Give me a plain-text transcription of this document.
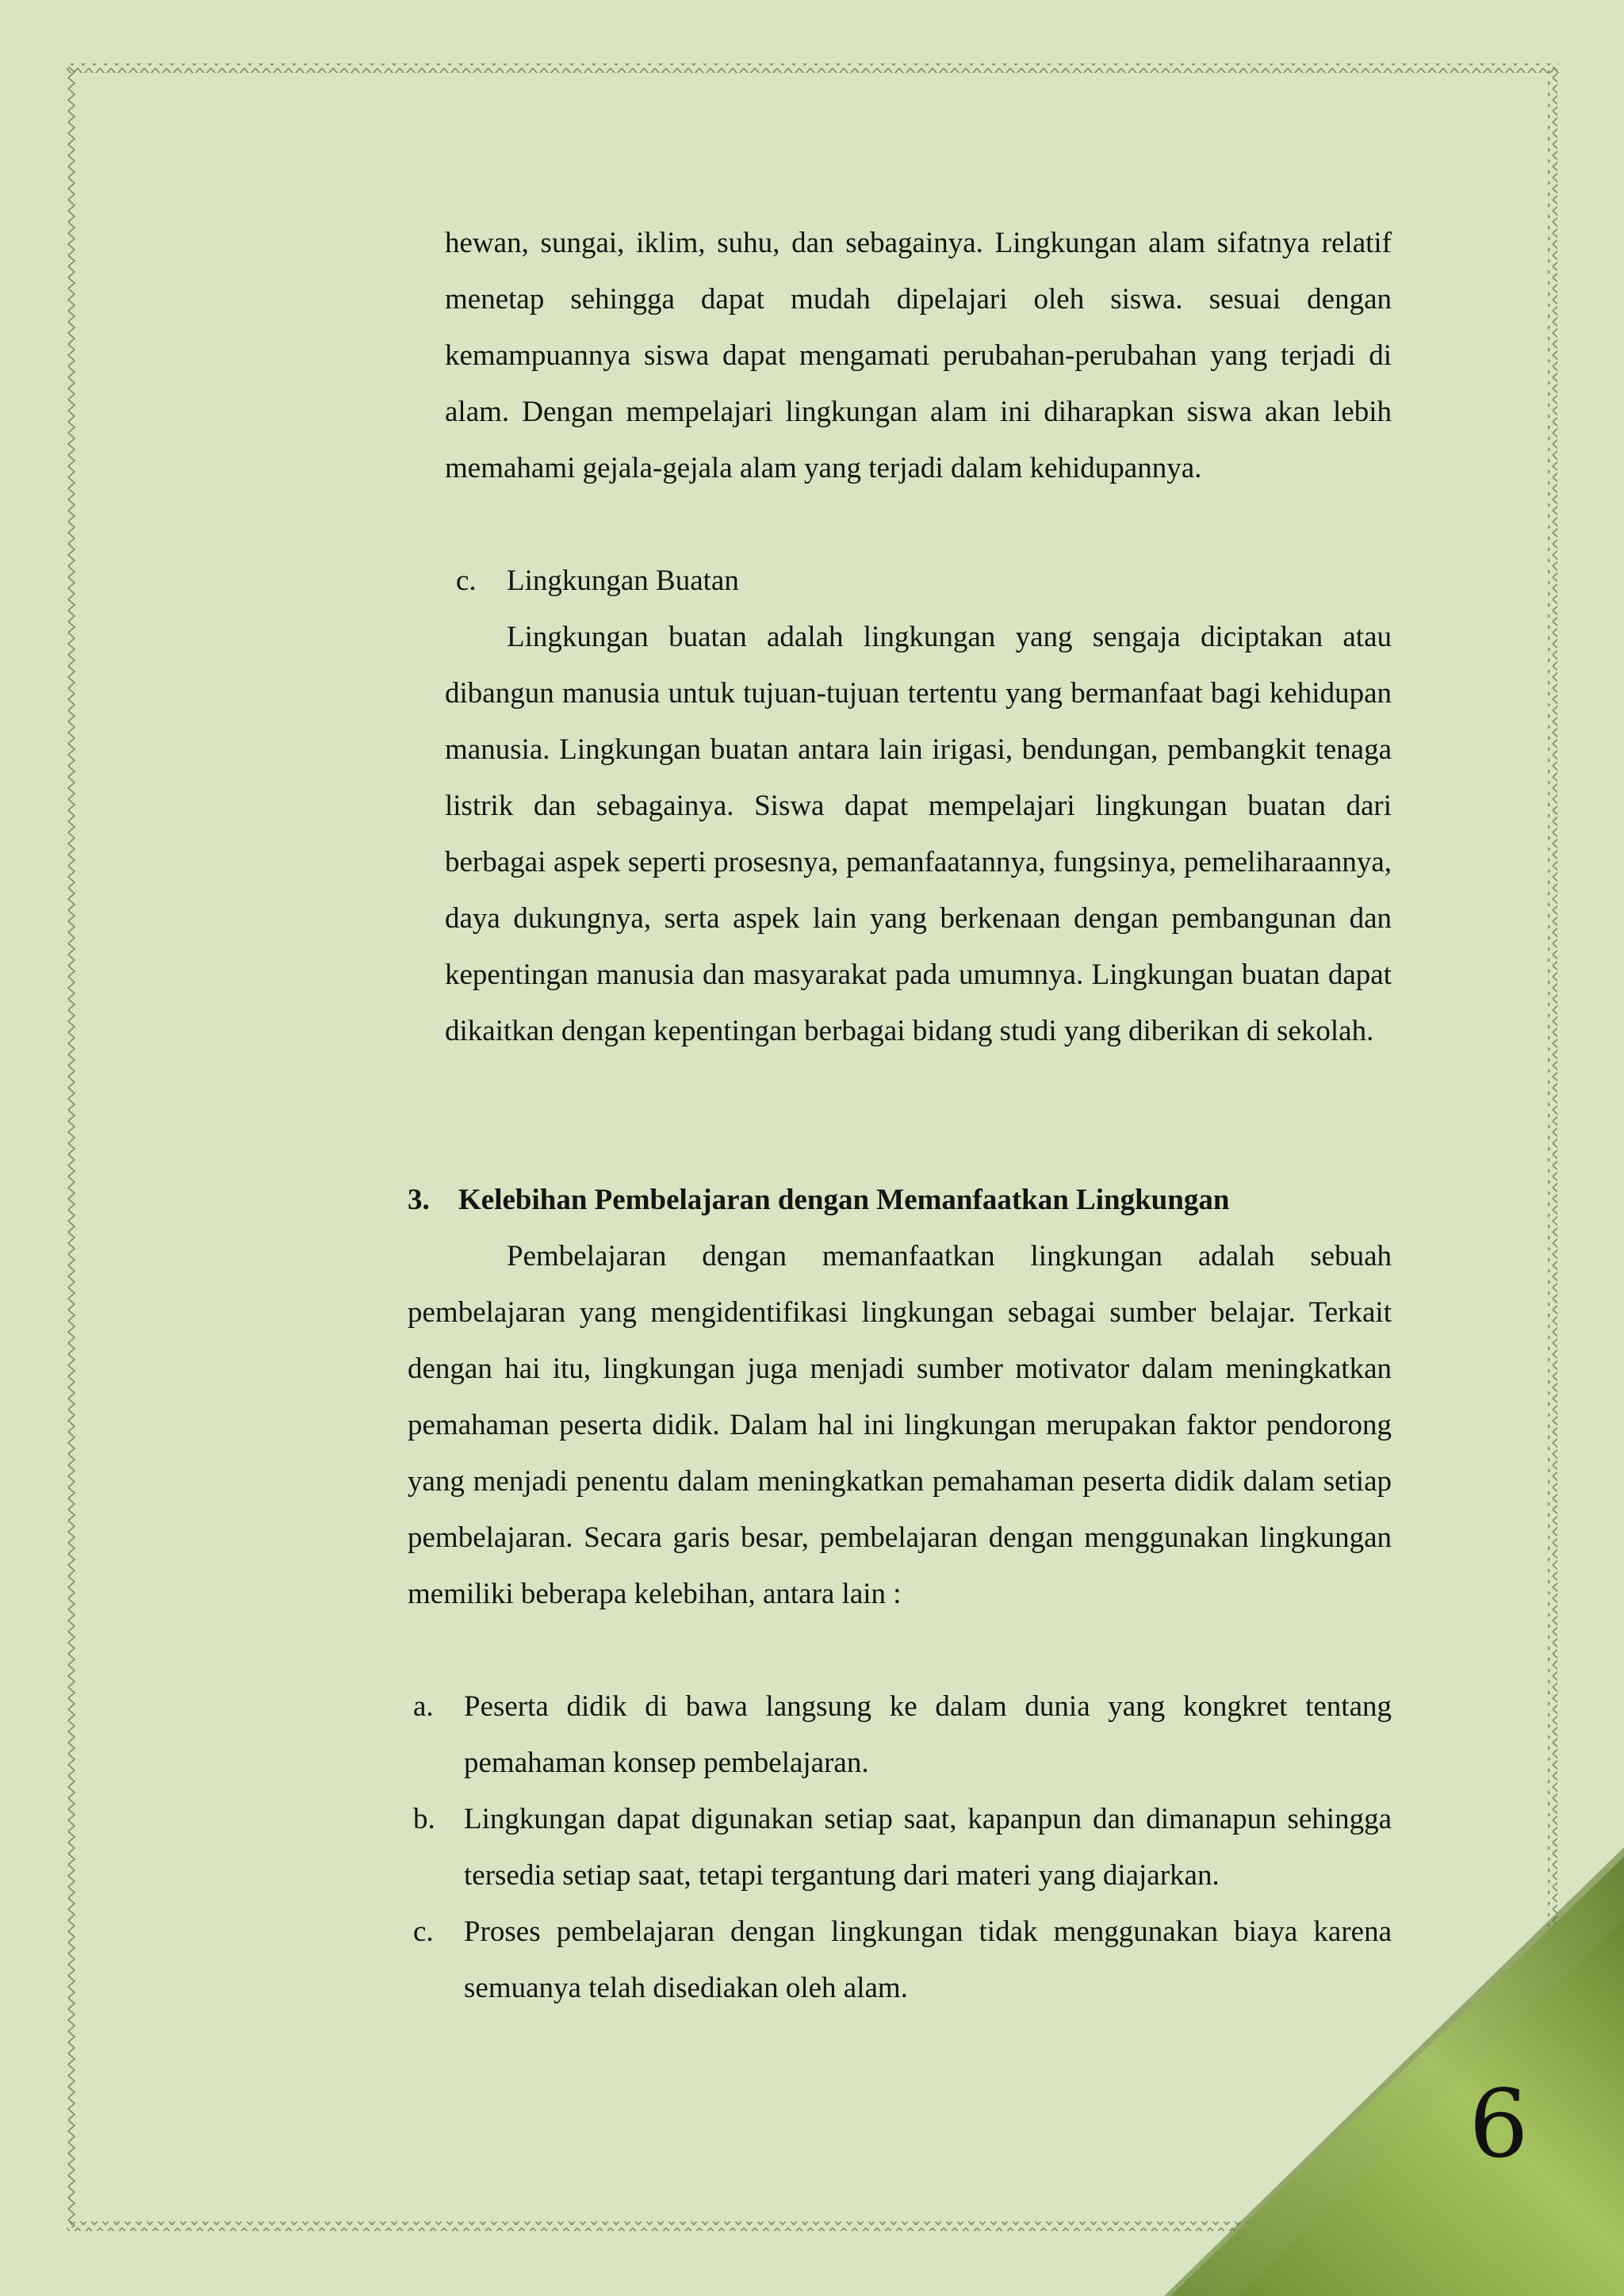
hewan, sungai, iklim, suhu, dan sebagainya. Lingkungan alam sifatnya relatif menetap sehingga dapat mudah dipelajari oleh siswa. sesuai dengan kemampuannya siswa dapat mengamati perubahan-perubahan yang terjadi di alam. Dengan mempelajari lingkungan alam ini diharapkan siswa akan lebih memahami gejala-gejala alam yang terjadi dalam kehidupannya.

c.	Lingkungan Buatan

Lingkungan buatan adalah lingkungan yang sengaja diciptakan atau dibangun manusia untuk tujuan-tujuan tertentu yang bermanfaat bagi kehidupan manusia. Lingkungan buatan antara lain irigasi, bendungan, pembangkit tenaga listrik dan sebagainya. Siswa dapat mempelajari lingkungan buatan dari berbagai aspek seperti prosesnya, pemanfaatannya, fungsinya, pemeliharaannya, daya dukungnya, serta aspek lain yang berkenaan dengan pembangunan dan kepentingan manusia dan masyarakat pada umumnya. Lingkungan buatan dapat dikaitkan dengan kepentingan berbagai bidang studi yang diberikan di sekolah.

3. Kelebihan Pembelajaran dengan Memanfaatkan Lingkungan

Pembelajaran dengan memanfaatkan lingkungan adalah sebuah pembelajaran yang mengidentifikasi lingkungan sebagai sumber belajar. Terkait dengan hai itu, lingkungan juga menjadi sumber motivator dalam meningkatkan pemahaman peserta didik. Dalam hal ini lingkungan merupakan faktor pendorong yang menjadi penentu dalam meningkatkan pemahaman peserta didik dalam setiap pembelajaran. Secara garis besar, pembelajaran dengan menggunakan lingkungan memiliki beberapa kelebihan, antara lain :

a.	Peserta didik di bawa langsung ke dalam dunia yang kongkret tentang pemahaman konsep pembelajaran.
b. Lingkungan dapat digunakan setiap saat, kapanpun dan dimanapun sehingga tersedia setiap saat, tetapi tergantung dari materi yang diajarkan.
c.	Proses pembelajaran dengan lingkungan tidak menggunakan biaya karena semuanya telah disediakan oleh alam.
6
